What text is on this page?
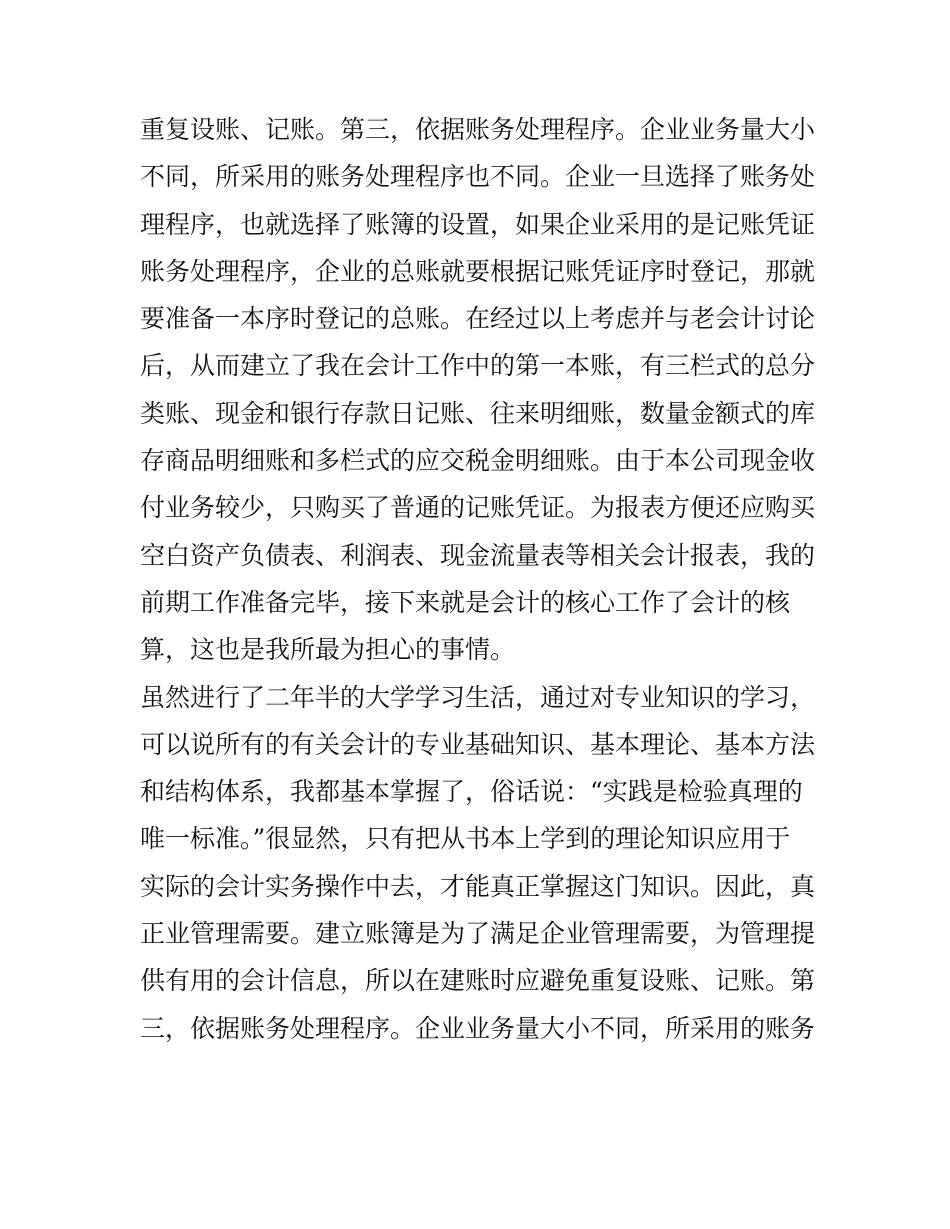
重复设账、记账。第三，依据账务处理程序。企业业务量大小
不同，所采用的账务处理程序也不同。企业一旦选择了账务处
理程序，也就选择了账簿的设置，如果企业采用的是记账凭证
账务处理程序，企业的总账就要根据记账凭证序时登记，那就
要准备一本序时登记的总账。在经过以上考虑并与老会计讨论
后，从而建立了我在会计工作中的第一本账，有三栏式的总分
类账、现金和银行存款日记账、往来明细账，数量金额式的库
存商品明细账和多栏式的应交税金明细账。由于本公司现金收
付业务较少，只购买了普通的记账凭证。为报表方便还应购买
空白资产负债表、利润表、现金流量表等相关会计报表，我的
前期工作准备完毕，接下来就是会计的核心工作了会计的核
算，这也是我所最为担心的事情。
虽然进行了二年半的大学学习生活，通过对专业知识的学习，
可以说所有的有关会计的专业基础知识、基本理论、基本方法
和结构体系，我都基本掌握了，俗话说：“实践是检验真理的
唯一标准。”很显然，只有把从书本上学到的理论知识应用于
实际的会计实务操作中去，才能真正掌握这门知识。因此，真
正业管理需要。建立账簿是为了满足企业管理需要，为管理提
供有用的会计信息，所以在建账时应避免重复设账、记账。第
三，依据账务处理程序。企业业务量大小不同，所采用的账务
